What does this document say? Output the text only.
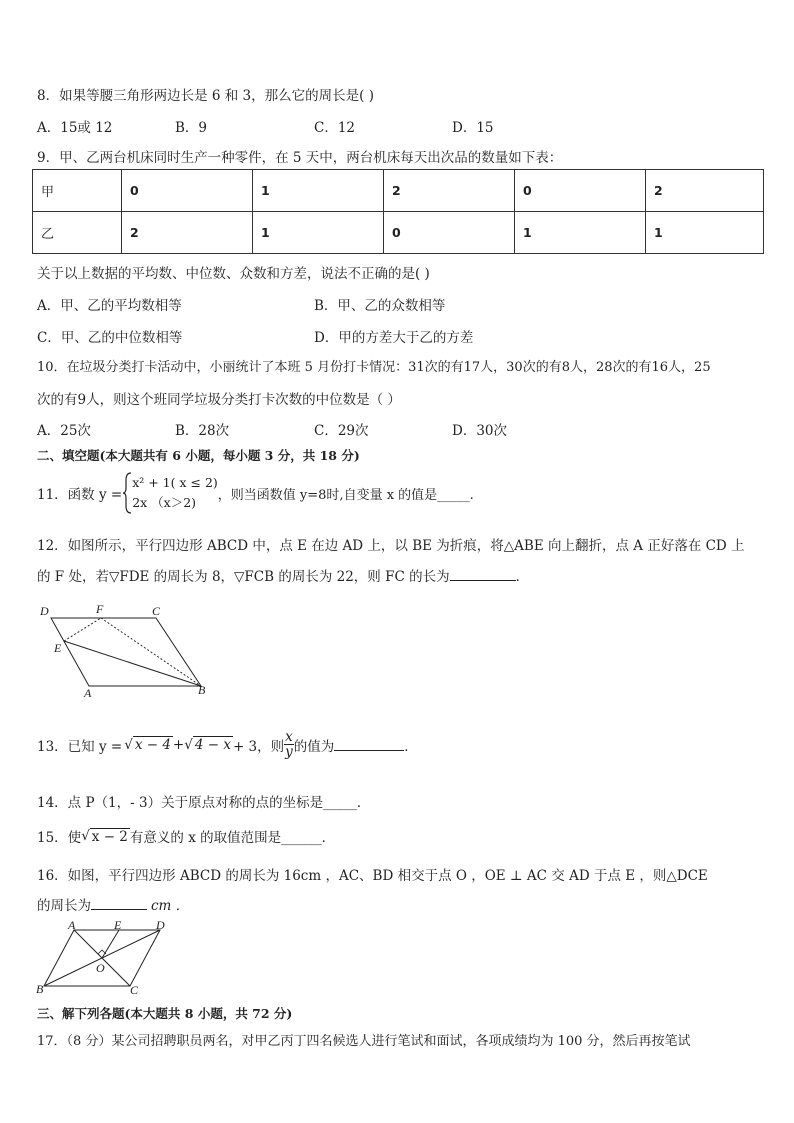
8．如果等腰三角形两边长是 6 和 3，那么它的周长是( )
A．15或 12	B．9	C．12	D．15
9．甲、乙两台机床同时生产一种零件，在 5 天中，两台机床每天出次品的数量如下表：
甲	0	1	2	0	2
乙	2	1	0	1	1
关于以上数据的平均数、中位数、众数和方差，说法不正确的是( )
A．甲、乙的平均数相等	B．甲、乙的众数相等
C．甲、乙的中位数相等	D．甲的方差大于乙的方差
10．在垃圾分类打卡活动中，小丽统计了本班 5 月份打卡情况：31次的有17人，30次的有8人，28次的有16人，25
次的有9人，则这个班同学垃圾分类打卡次数的中位数是（ ）
A．25次	B．28次	C．29次	D．30次
二、填空题(本大题共有 6 小题，每小题 3 分，共 18 分)
11．函数 y =
x² + 1( x ≤ 2)
2x （x＞2)	，则当函数值 y=8时,自变量 x 的值是_____.
12．如图所示，平行四边形 ABCD 中，点 E 在边 AD 上，以 BE 为折痕，将△ABE 向上翻折，点 A 正好落在 CD 上
的 F 处，若▽FDE 的周长为 8，▽FCB 的周长为 22，则 FC 的长为	．
D	F	C
E
A	B
13．已知 y = √ x − 4 + √ 4 − x + 3，则 $\frac{x}{y}$ 的值为	．
14．点 P（1，- 3）关于原点对称的点的坐标是_____．
15．使 √ x − 2 有意义的 x 的取值范围是______．
16．如图，平行四边形 ABCD 的周长为 16cm ，AC、BD 相交于点 O ，OE ⊥ AC 交 AD 于点 E ，则△DCE
的周长为	cm ．
A	E	D
O
B	C
三、解下列各题(本大题共 8 小题，共 72 分)
17．（8 分）某公司招聘职员两名，对甲乙丙丁四名候选人进行笔试和面试，各项成绩均为 100 分，然后再按笔试
